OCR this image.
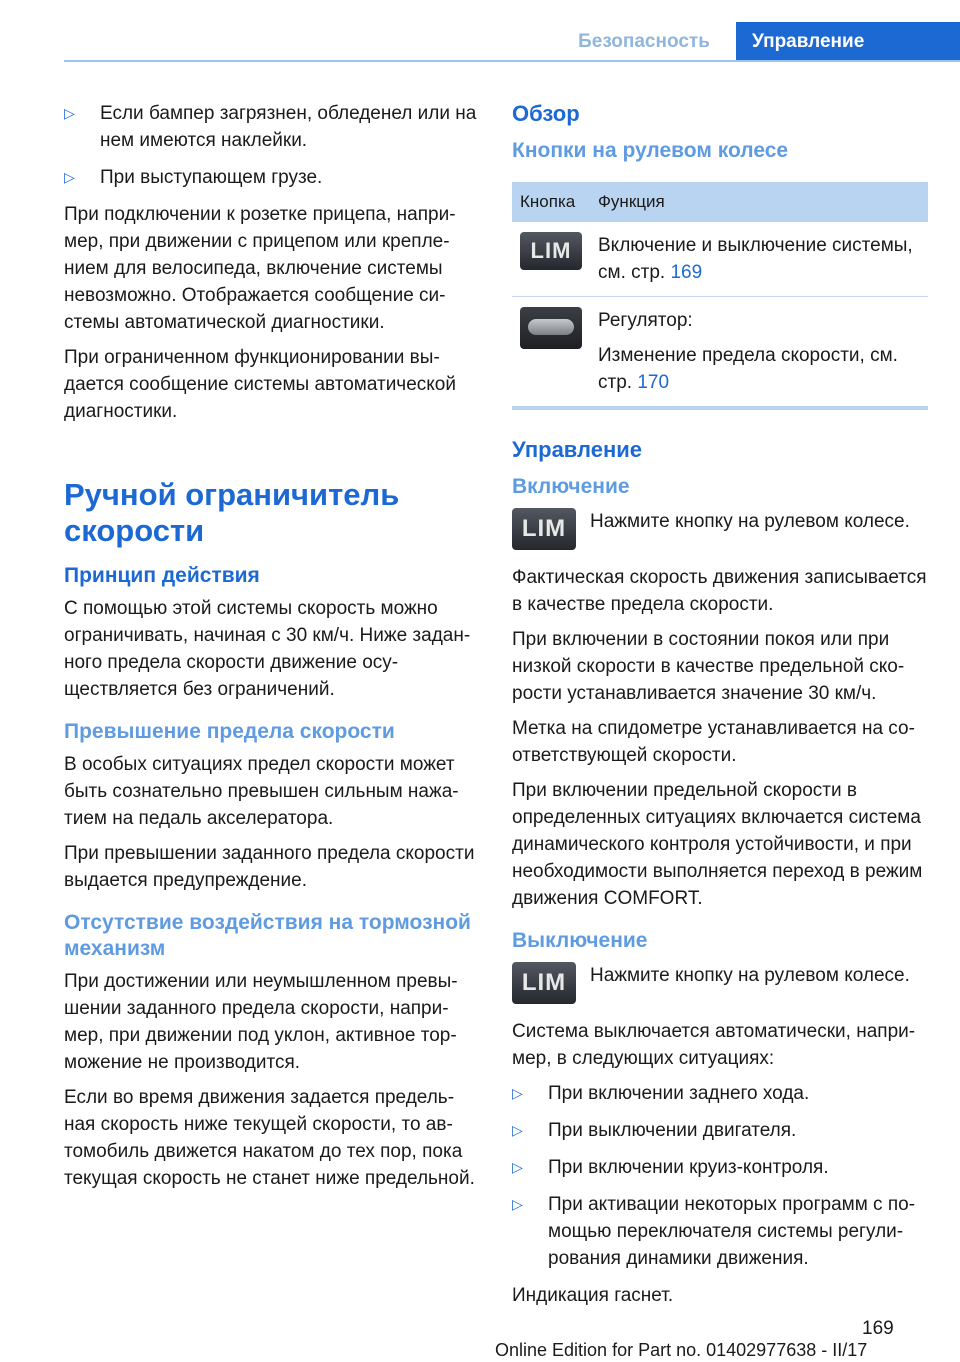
Безопасность	Управление
▷	Если бампер загрязнен, обледенел или на нем имеются наклейки.
▷	При выступающем грузе.

При подключении к розетке прицепа, например, при движении с прицепом или креплением для велосипеда, включение системы невозможно. Отображается сообщение системы автоматической диагностики.

При ограниченном функционировании выдается сообщение системы автоматической диагностики.

Ручной ограничитель скорости
Принцип действия

С помощью этой системы скорость можно ограничивать, начиная с 30 км/ч. Ниже заданного предела скорости движение осуществляется без ограничений.

Превышение предела скорости

В особых ситуациях предел скорости может быть сознательно превышен сильным нажатием на педаль акселератора.

При превышении заданного предела скорости выдается предупреждение.

Отсутствие воздействия на тормозной механизм

При достижении или неумышленном превышении заданного предела скорости, например, при движении под уклон, активное торможение не производится.

Если во время движения задается предельная скорость ниже текущей скорости, то автомобиль движется накатом до тех пор, пока текущая скорость не станет ниже предельной.

Обзор
Кнопки на рулевом колесе
Кнопка	Функция

LIM	Включение и выключение системы, см. стр. 169

	Регулятор:

Изменение предела скорости, см. стр. 170
Управление
Включение
LIM	Нажмите кнопку на рулевом колесе.

Фактическая скорость движения записывается в качестве предела скорости.

При включении в состоянии покоя или при низкой скорости в качестве предельной скорости устанавливается значение 30 км/ч.

Метка на спидометре устанавливается на соответствующей скорости.

При включении предельной скорости в определенных ситуациях включается система динамического контроля устойчивости, и при необходимости выполняется переход в режим движения COMFORT.

Выключение
LIM	Нажмите кнопку на рулевом колесе.

Система выключается автоматически, например, в следующих ситуациях:

▷	При включении заднего хода.
▷	При выключении двигателя.
▷	При включении круиз-контроля.
▷	При активации некоторых программ с помощью переключателя системы регулирования динамики движения.

Индикация гаснет.

169
Online Edition for Part no. 01402977638 - II/17
